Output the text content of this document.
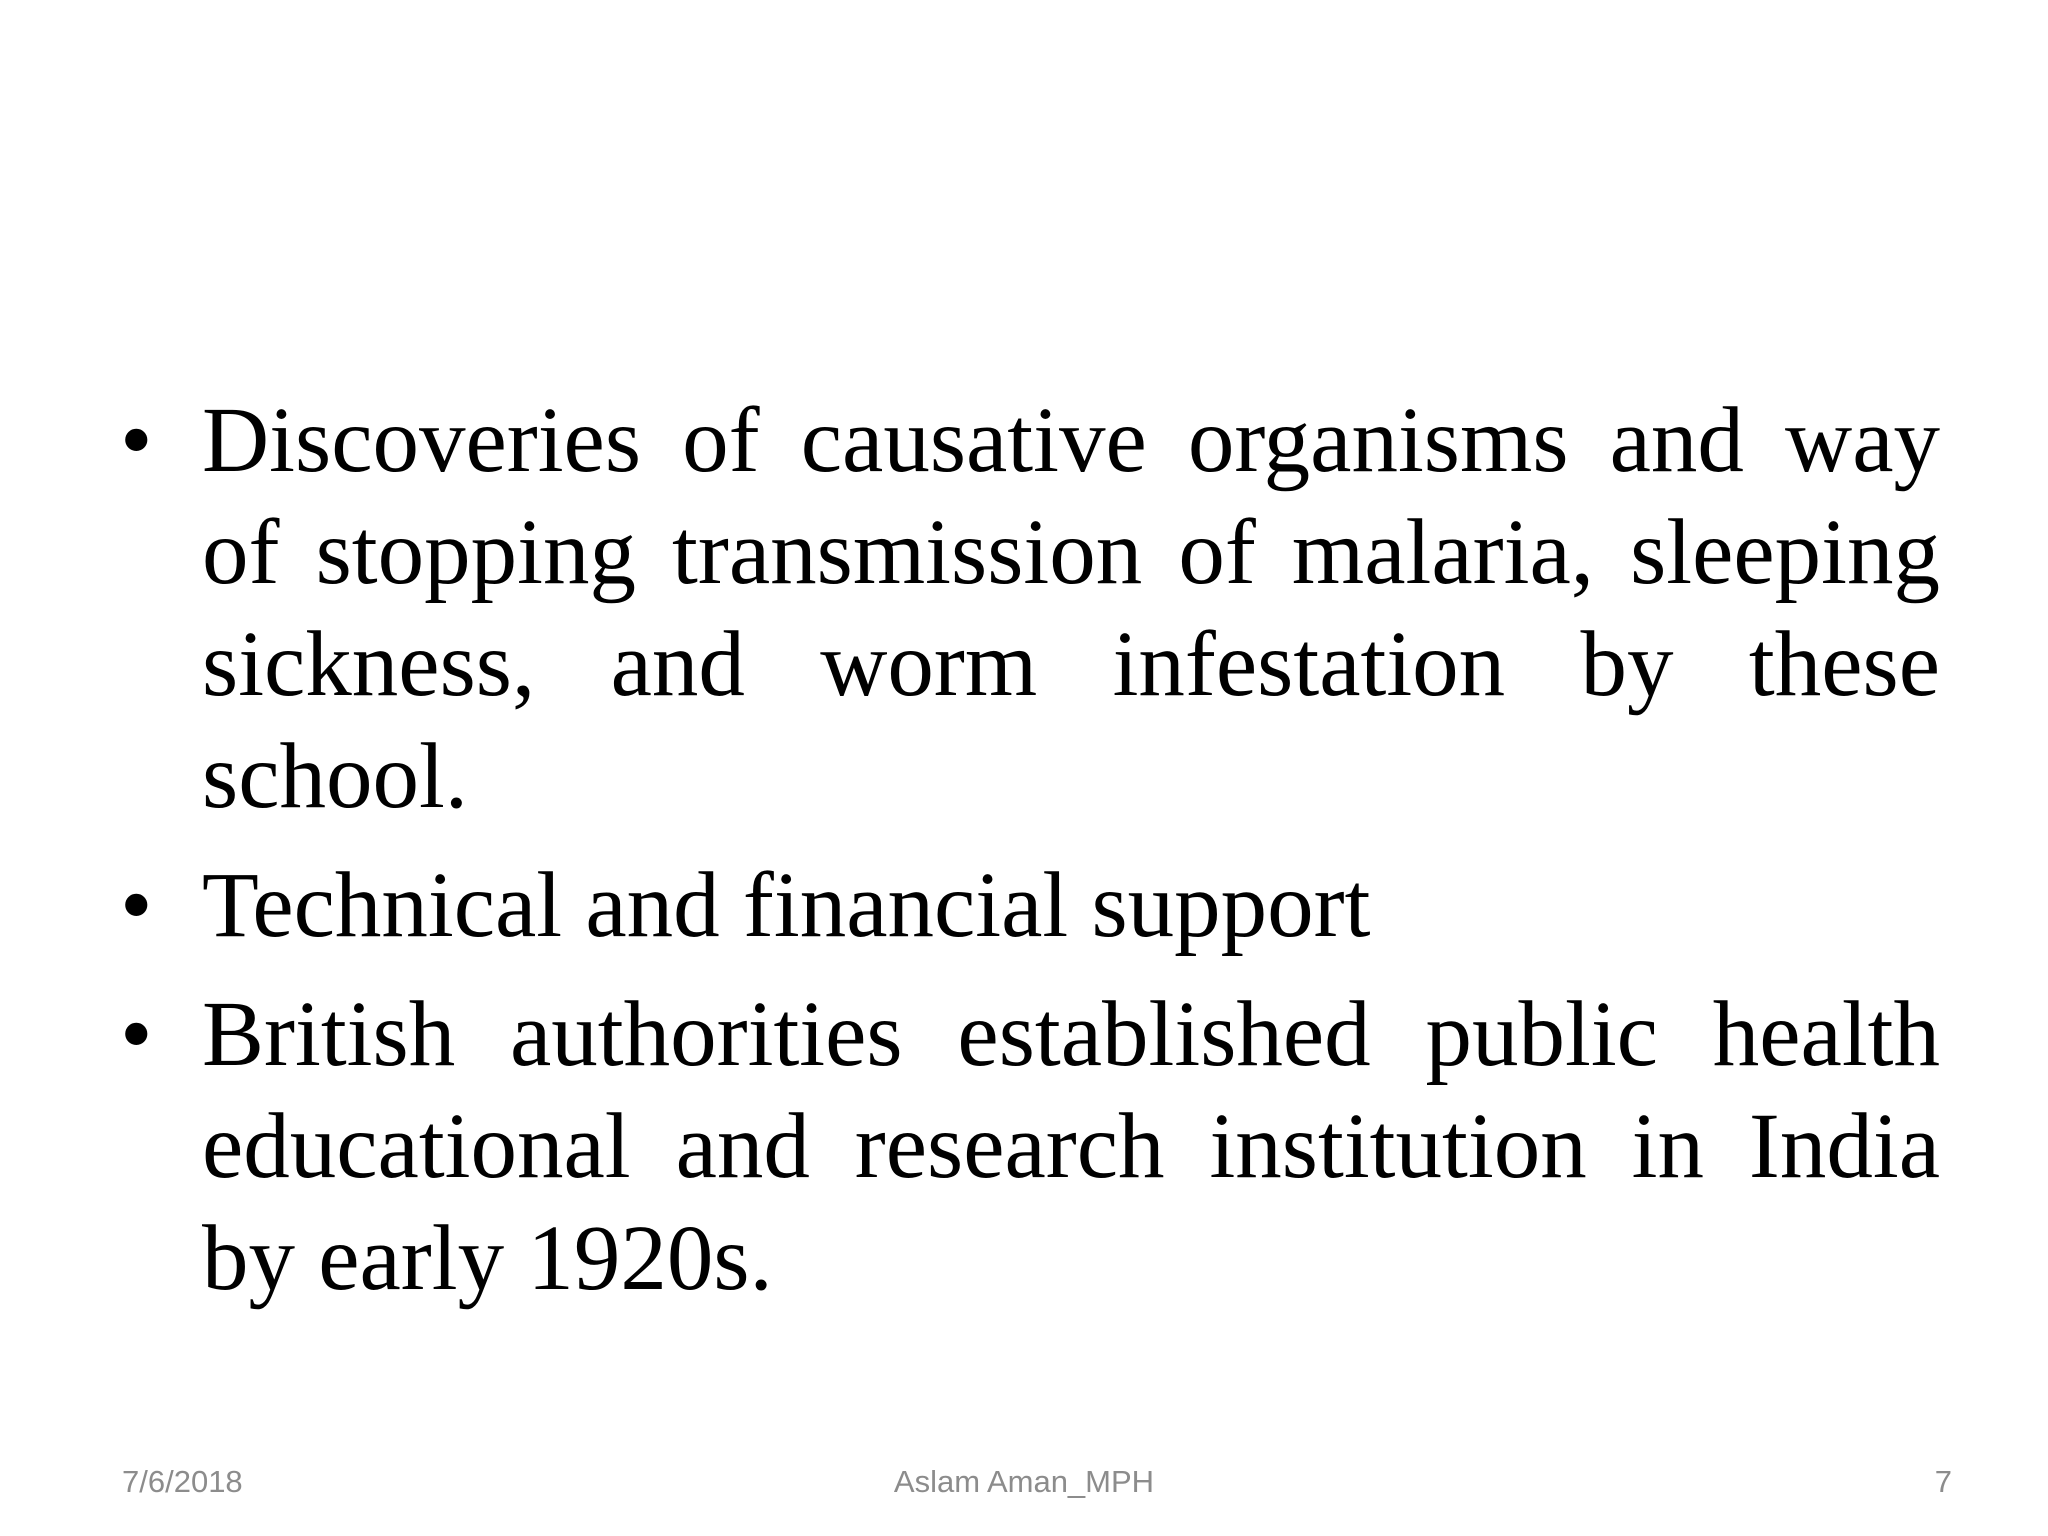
• Discoveries of causative organisms and way of stopping transmission of malaria, sleeping sickness, and worm infestation by these school.
• Technical and financial support
• British authorities established public health educational and research institution in India by early 1920s.
7/6/2018	Aslam Aman_MPH	7
